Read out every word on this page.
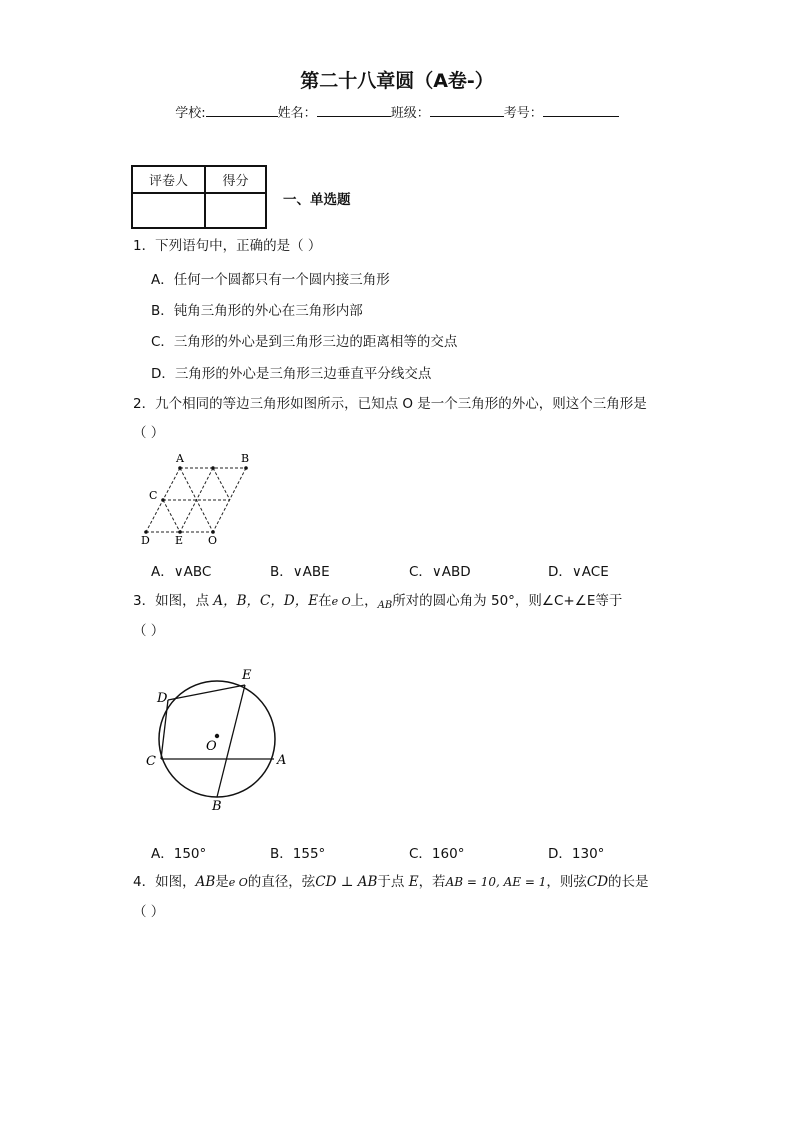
第二十八章圆（A卷-）
学校:	姓名：	班级：	考号：
评卷人	得分

一、单选题
1．下列语句中，正确的是（ ）
A．任何一个圆都只有一个圆内接三角形
B．钝角三角形的外心在三角形内部
C．三角形的外心是到三角形三边的距离相等的交点
D．三角形的外心是三角形三边垂直平分线交点
2．九个相同的等边三角形如图所示，已知点 O 是一个三角形的外心，则这个三角形是
（ ）
A	B
C
D E O
A．∨ABC	B．∨ABE	C．∨ABD	D．∨ACE
3．如图，点 A，B，C，D，E在e O上，$_{AB}$所对的圆心角为 50°，则∠C+∠E等于
（ ）
D
E
C	A
B
O
A．150°	B．155°	C．160°	D．130°
4．如图，AB是e O的直径，弦CD ⊥ AB于点 E，若AB = 10, AE = 1，则弦CD的长是
（ ）
